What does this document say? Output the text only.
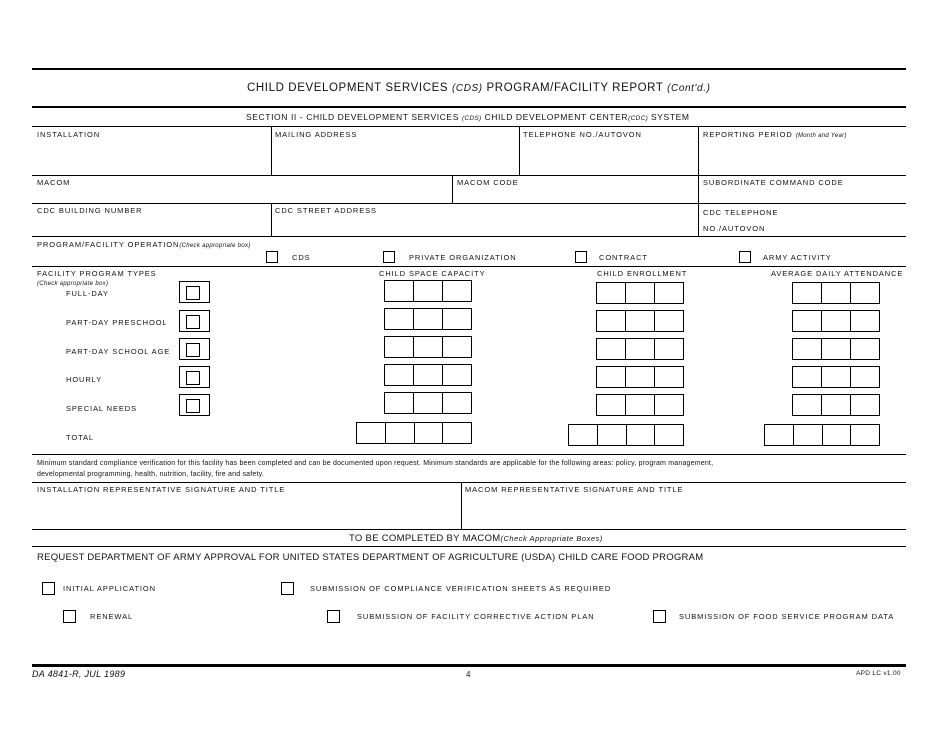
CHILD DEVELOPMENT SERVICES (CDS) PROGRAM/FACILITY REPORT (Cont'd.)
SECTION II - CHILD DEVELOPMENT SERVICES (CDS) CHILD DEVELOPMENT CENTER(CDC) SYSTEM
INSTALLATION	MAILING ADDRESS	TELEPHONE NO./AUTOVON	REPORTING PERIOD (Month and Year)
MACOM	MACOM CODE	SUBORDINATE COMMAND CODE
CDC BUILDING NUMBER	CDC STREET ADDRESS	CDC TELEPHONE
NO./AUTOVON
PROGRAM/FACILITY OPERATION(Check appropriate box)
CDS	PRIVATE ORGANIZATION	CONTRACT	ARMY ACTIVITY
FACILITY PROGRAM TYPES
(Check appropriate box)
CHILD SPACE CAPACITY	CHILD ENROLLMENT	AVERAGE DAILY ATTENDANCE
FULL-DAY
PART-DAY PRESCHOOL
PART-DAY SCHOOL AGE
HOURLY
SPECIAL NEEDS
TOTAL
Minimum standard compliance verification for this facility has been completed and can be documented upon request. Minimum standards are applicable for the following areas: policy, program management,
developmental programming, health, nutrition, facility, fire and safety.
INSTALLATION REPRESENTATIVE SIGNATURE AND TITLE	MACOM REPRESENTATIVE SIGNATURE AND TITLE
TO BE COMPLETED BY MACOM(Check Appropriate Boxes)
REQUEST DEPARTMENT OF ARMY APPROVAL FOR UNITED STATES DEPARTMENT OF AGRICULTURE (USDA) CHILD CARE FOOD PROGRAM
INITIAL APPLICATION	SUBMISSION OF COMPLIANCE VERIFICATION SHEETS AS REQUIRED
RENEWAL	SUBMISSION OF FACILITY CORRECTIVE ACTION PLAN	SUBMISSION OF FOOD SERVICE PROGRAM DATA
DA 4841-R, JUL 1989	4	APD LC v1.00
